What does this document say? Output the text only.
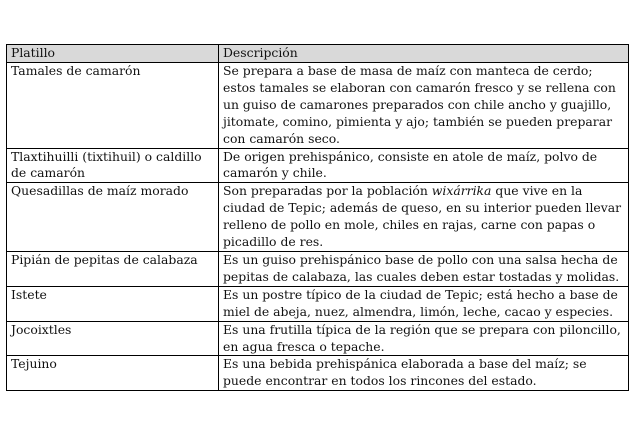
Platillo	Descripción
Tamales de camarón	Se prepara a base de masa de maíz con manteca de cerdo; estos tamales se elaboran con camarón fresco y se rellena con un guiso de camarones preparados con chile ancho y guajillo, jitomate, comino, pimienta y ajo; también se pueden preparar con camarón seco.
Tlaxtihuilli (tixtihuil) o caldillo de camarón	De origen prehispánico, consiste en atole de maíz, polvo de camarón y chile.
Quesadillas de maíz morado	Son preparadas por la población wixárrika que vive en la ciudad de Tepic; además de queso, en su interior pueden llevar relleno de pollo en mole, chiles en rajas, carne con papas o picadillo de res.
Pipián de pepitas de calabaza	Es un guiso prehispánico base de pollo con una salsa hecha de pepitas de calabaza, las cuales deben estar tostadas y molidas.
Istete	Es un postre típico de la ciudad de Tepic; está hecho a base de miel de abeja, nuez, almendra, limón, leche, cacao y especies.
Jocoixtles	Es una frutilla típica de la región que se prepara con piloncillo, en agua fresca o tepache.
Tejuino	Es una bebida prehispánica elaborada a base del maíz; se puede encontrar en todos los rincones del estado.
